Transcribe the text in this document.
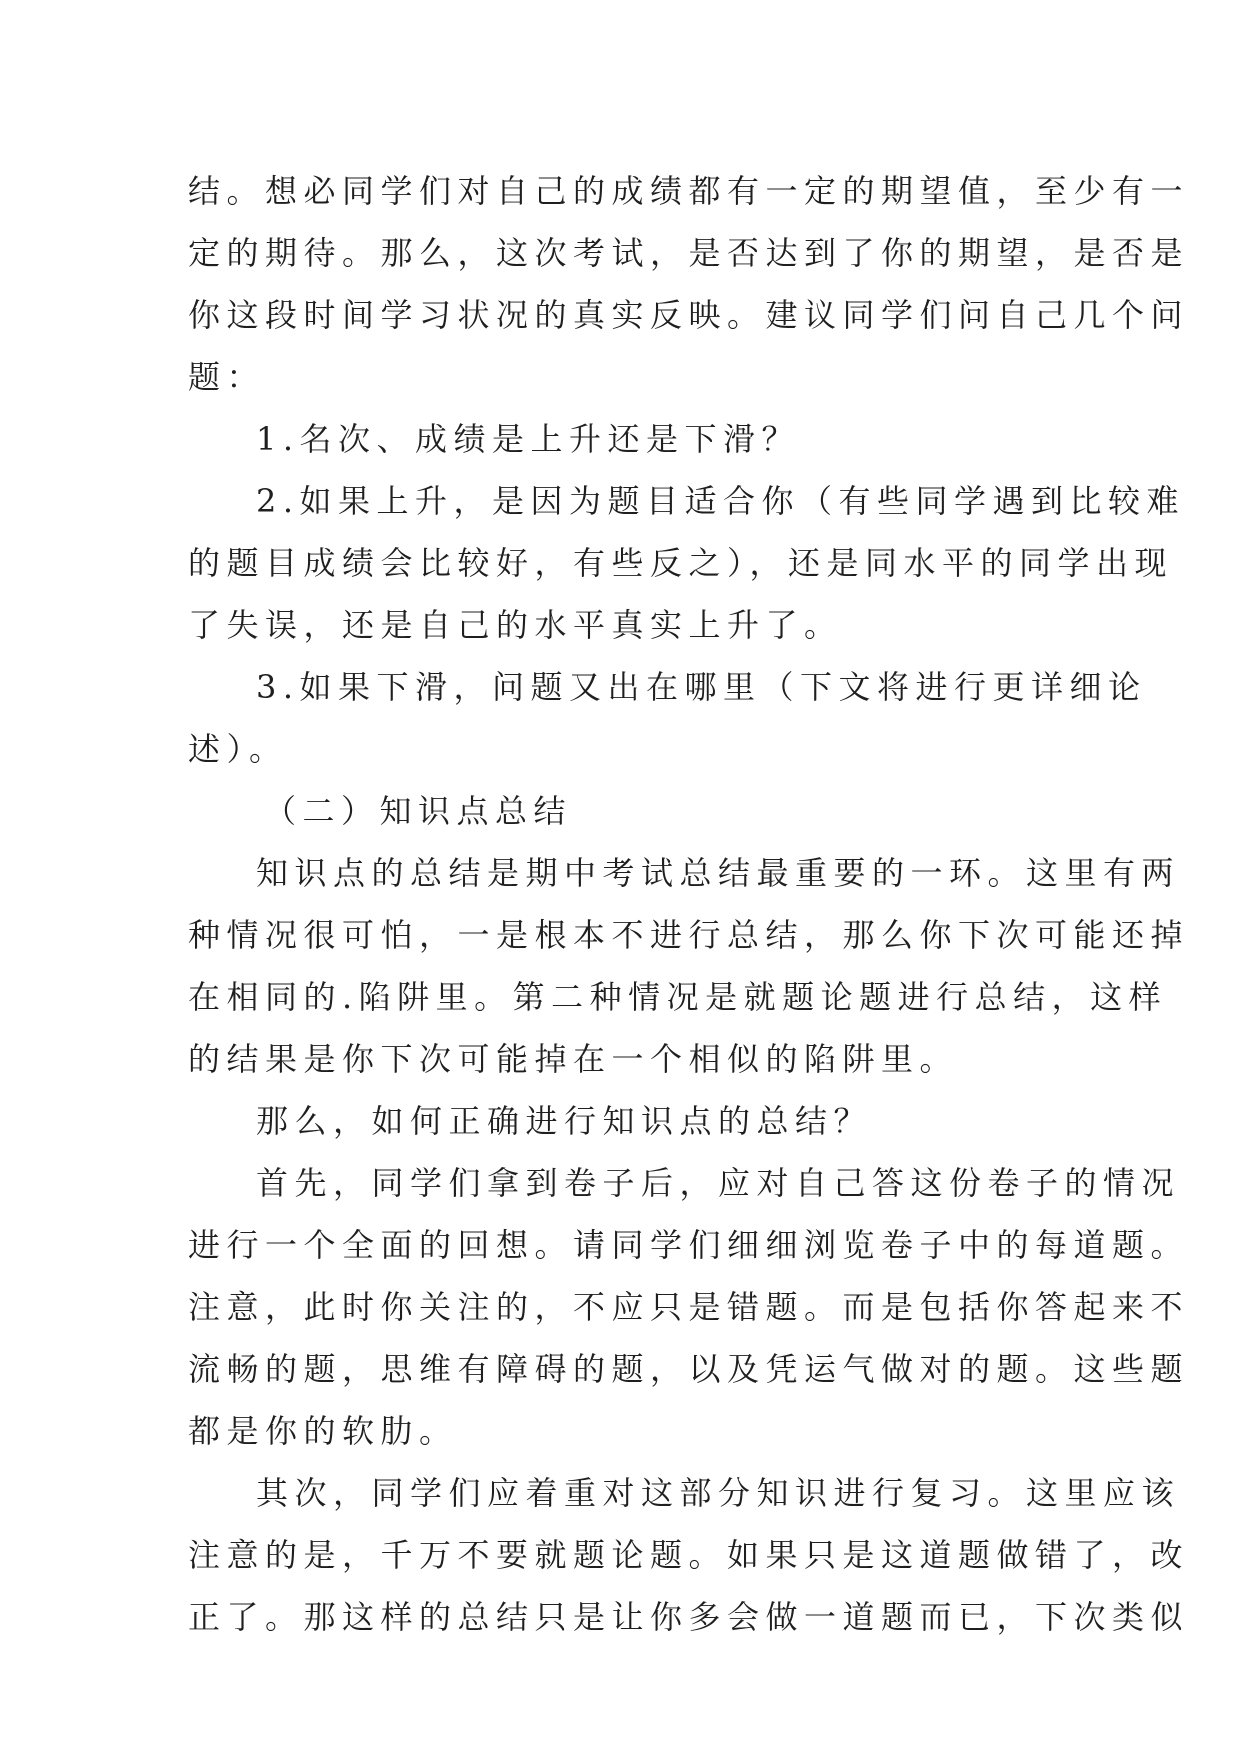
结。想必同学们对自己的成绩都有一定的期望值，至少有一
定的期待。那么，这次考试，是否达到了你的期望，是否是
你这段时间学习状况的真实反映。建议同学们问自己几个问
题：
1.名次、成绩是上升还是下滑？
2.如果上升，是因为题目适合你（有些同学遇到比较难
的题目成绩会比较好，有些反之），还是同水平的同学出现
了失误，还是自己的水平真实上升了。
3.如果下滑，问题又出在哪里（下文将进行更详细论
述）。
（二）知识点总结
知识点的总结是期中考试总结最重要的一环。这里有两
种情况很可怕，一是根本不进行总结，那么你下次可能还掉
在相同的.陷阱里。第二种情况是就题论题进行总结，这样
的结果是你下次可能掉在一个相似的陷阱里。
那么，如何正确进行知识点的总结？
首先，同学们拿到卷子后，应对自己答这份卷子的情况
进行一个全面的回想。请同学们细细浏览卷子中的每道题。
注意，此时你关注的，不应只是错题。而是包括你答起来不
流畅的题，思维有障碍的题，以及凭运气做对的题。这些题
都是你的软肋。
其次，同学们应着重对这部分知识进行复习。这里应该
注意的是，千万不要就题论题。如果只是这道题做错了，改
正了。那这样的总结只是让你多会做一道题而已，下次类似
